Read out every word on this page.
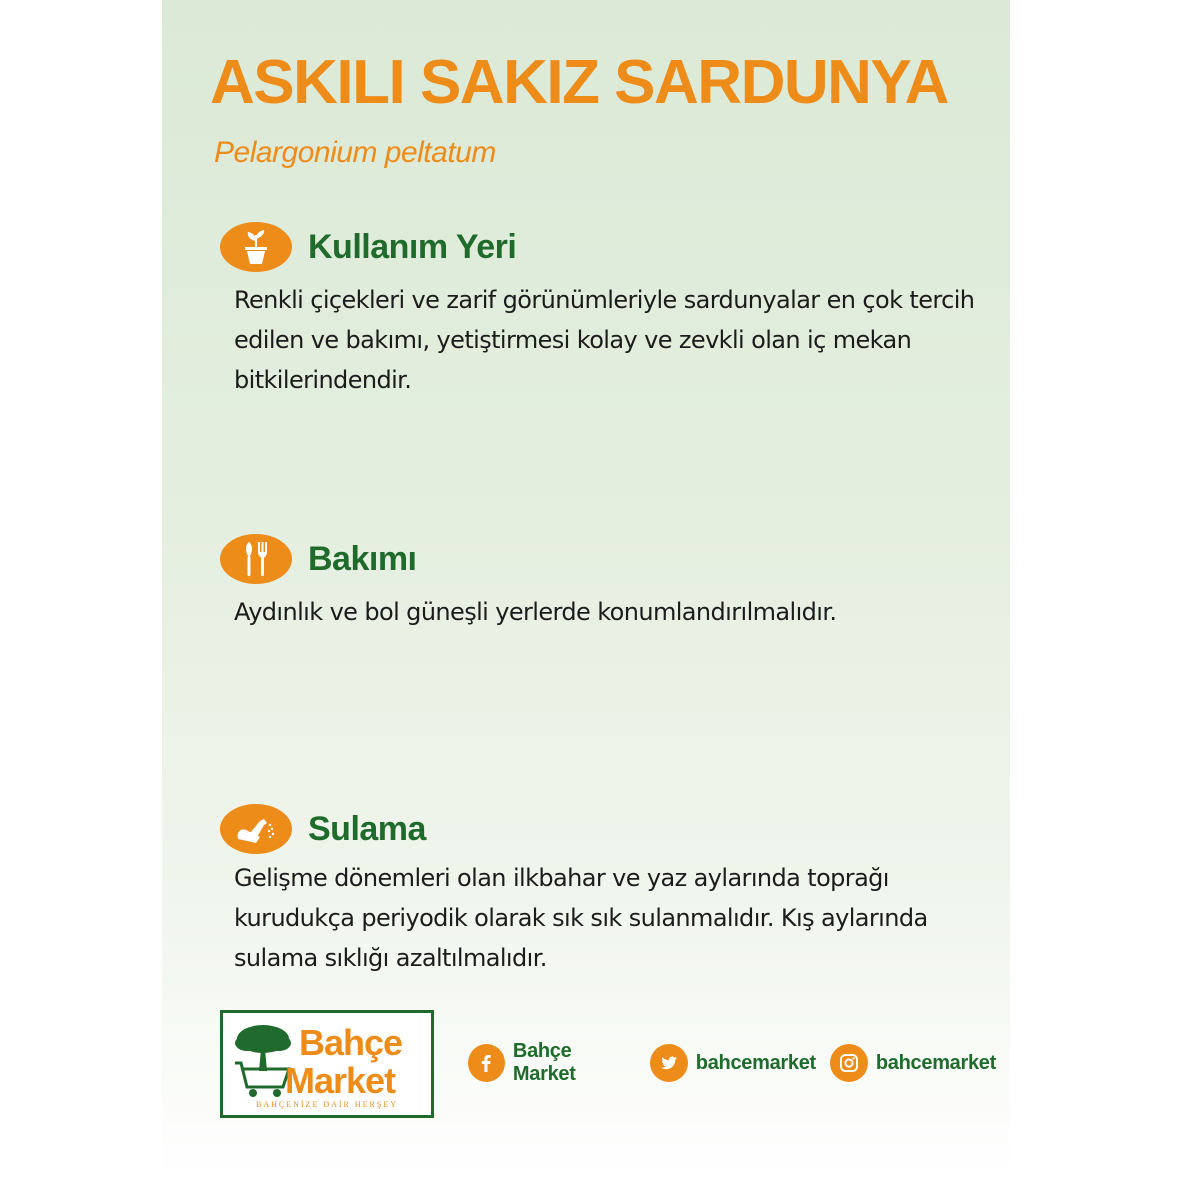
ASKILI SAKIZ SARDUNYA
Pelargonium peltatum
Kullanım Yeri

Renkli çiçekleri ve zarif görünümleriyle sardunyalar en çok tercih edilen ve bakımı, yetiştirmesi kolay ve zevkli olan iç mekan bitkilerindendir.

Bakımı

Aydınlık ve bol güneşli yerlerde konumlandırılmalıdır.

Sulama

Gelişme dönemleri olan ilkbahar ve yaz aylarında toprağı kurudukça periyodik olarak sık sık sulanmalıdır. Kış aylarında sulama sıklığı azaltılmalıdır.

Bahçe
Market
BAHÇENİZE DAİR HERŞEY
Bahçe Market
bahcemarket	bahcemarket
